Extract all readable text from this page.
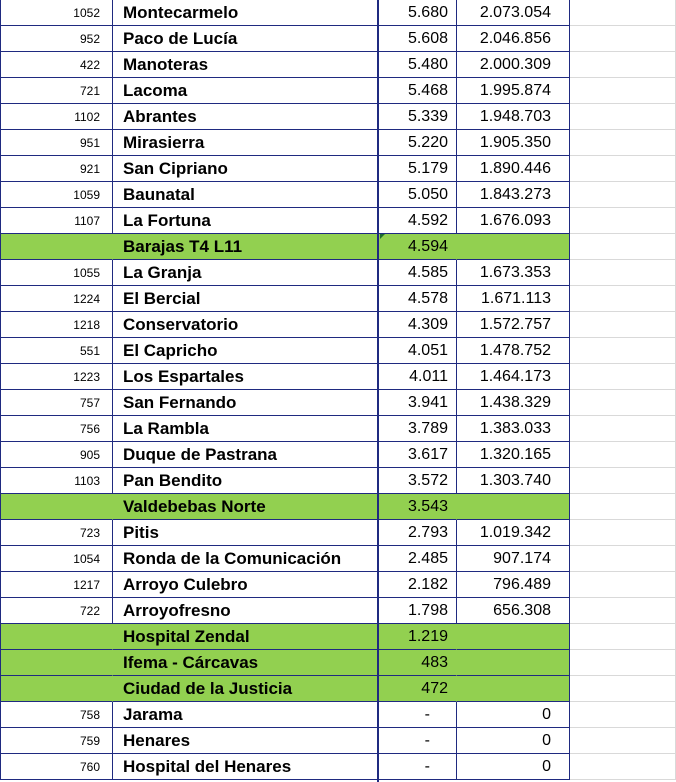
1052	Montecarmelo	5.680	2.073.054
952	Paco de Lucía	5.608	2.046.856
422	Manoteras	5.480	2.000.309
721	Lacoma	5.468	1.995.874
1102	Abrantes	5.339	1.948.703
951	Mirasierra	5.220	1.905.350
921	San Cipriano	5.179	1.890.446
1059	Baunatal	5.050	1.843.273
1107	La Fortuna	4.592	1.676.093
Barajas T4 L11	4.594
1055	La Granja	4.585	1.673.353
1224	El Bercial	4.578	1.671.113
1218	Conservatorio	4.309	1.572.757
551	El Capricho	4.051	1.478.752
1223	Los Espartales	4.011	1.464.173
757	San Fernando	3.941	1.438.329
756	La Rambla	3.789	1.383.033
905	Duque de Pastrana	3.617	1.320.165
1103	Pan Bendito	3.572	1.303.740
Valdebebas Norte	3.543
723	Pitis	2.793	1.019.342
1054	Ronda de la Comunicación	2.485	907.174
1217	Arroyo Culebro	2.182	796.489
722	Arroyofresno	1.798	656.308
Hospital Zendal	1.219
Ifema - Cárcavas	483
Ciudad de la Justicia	472
758	Jarama	-	0
759	Henares	-	0
760	Hospital del Henares	-	0
